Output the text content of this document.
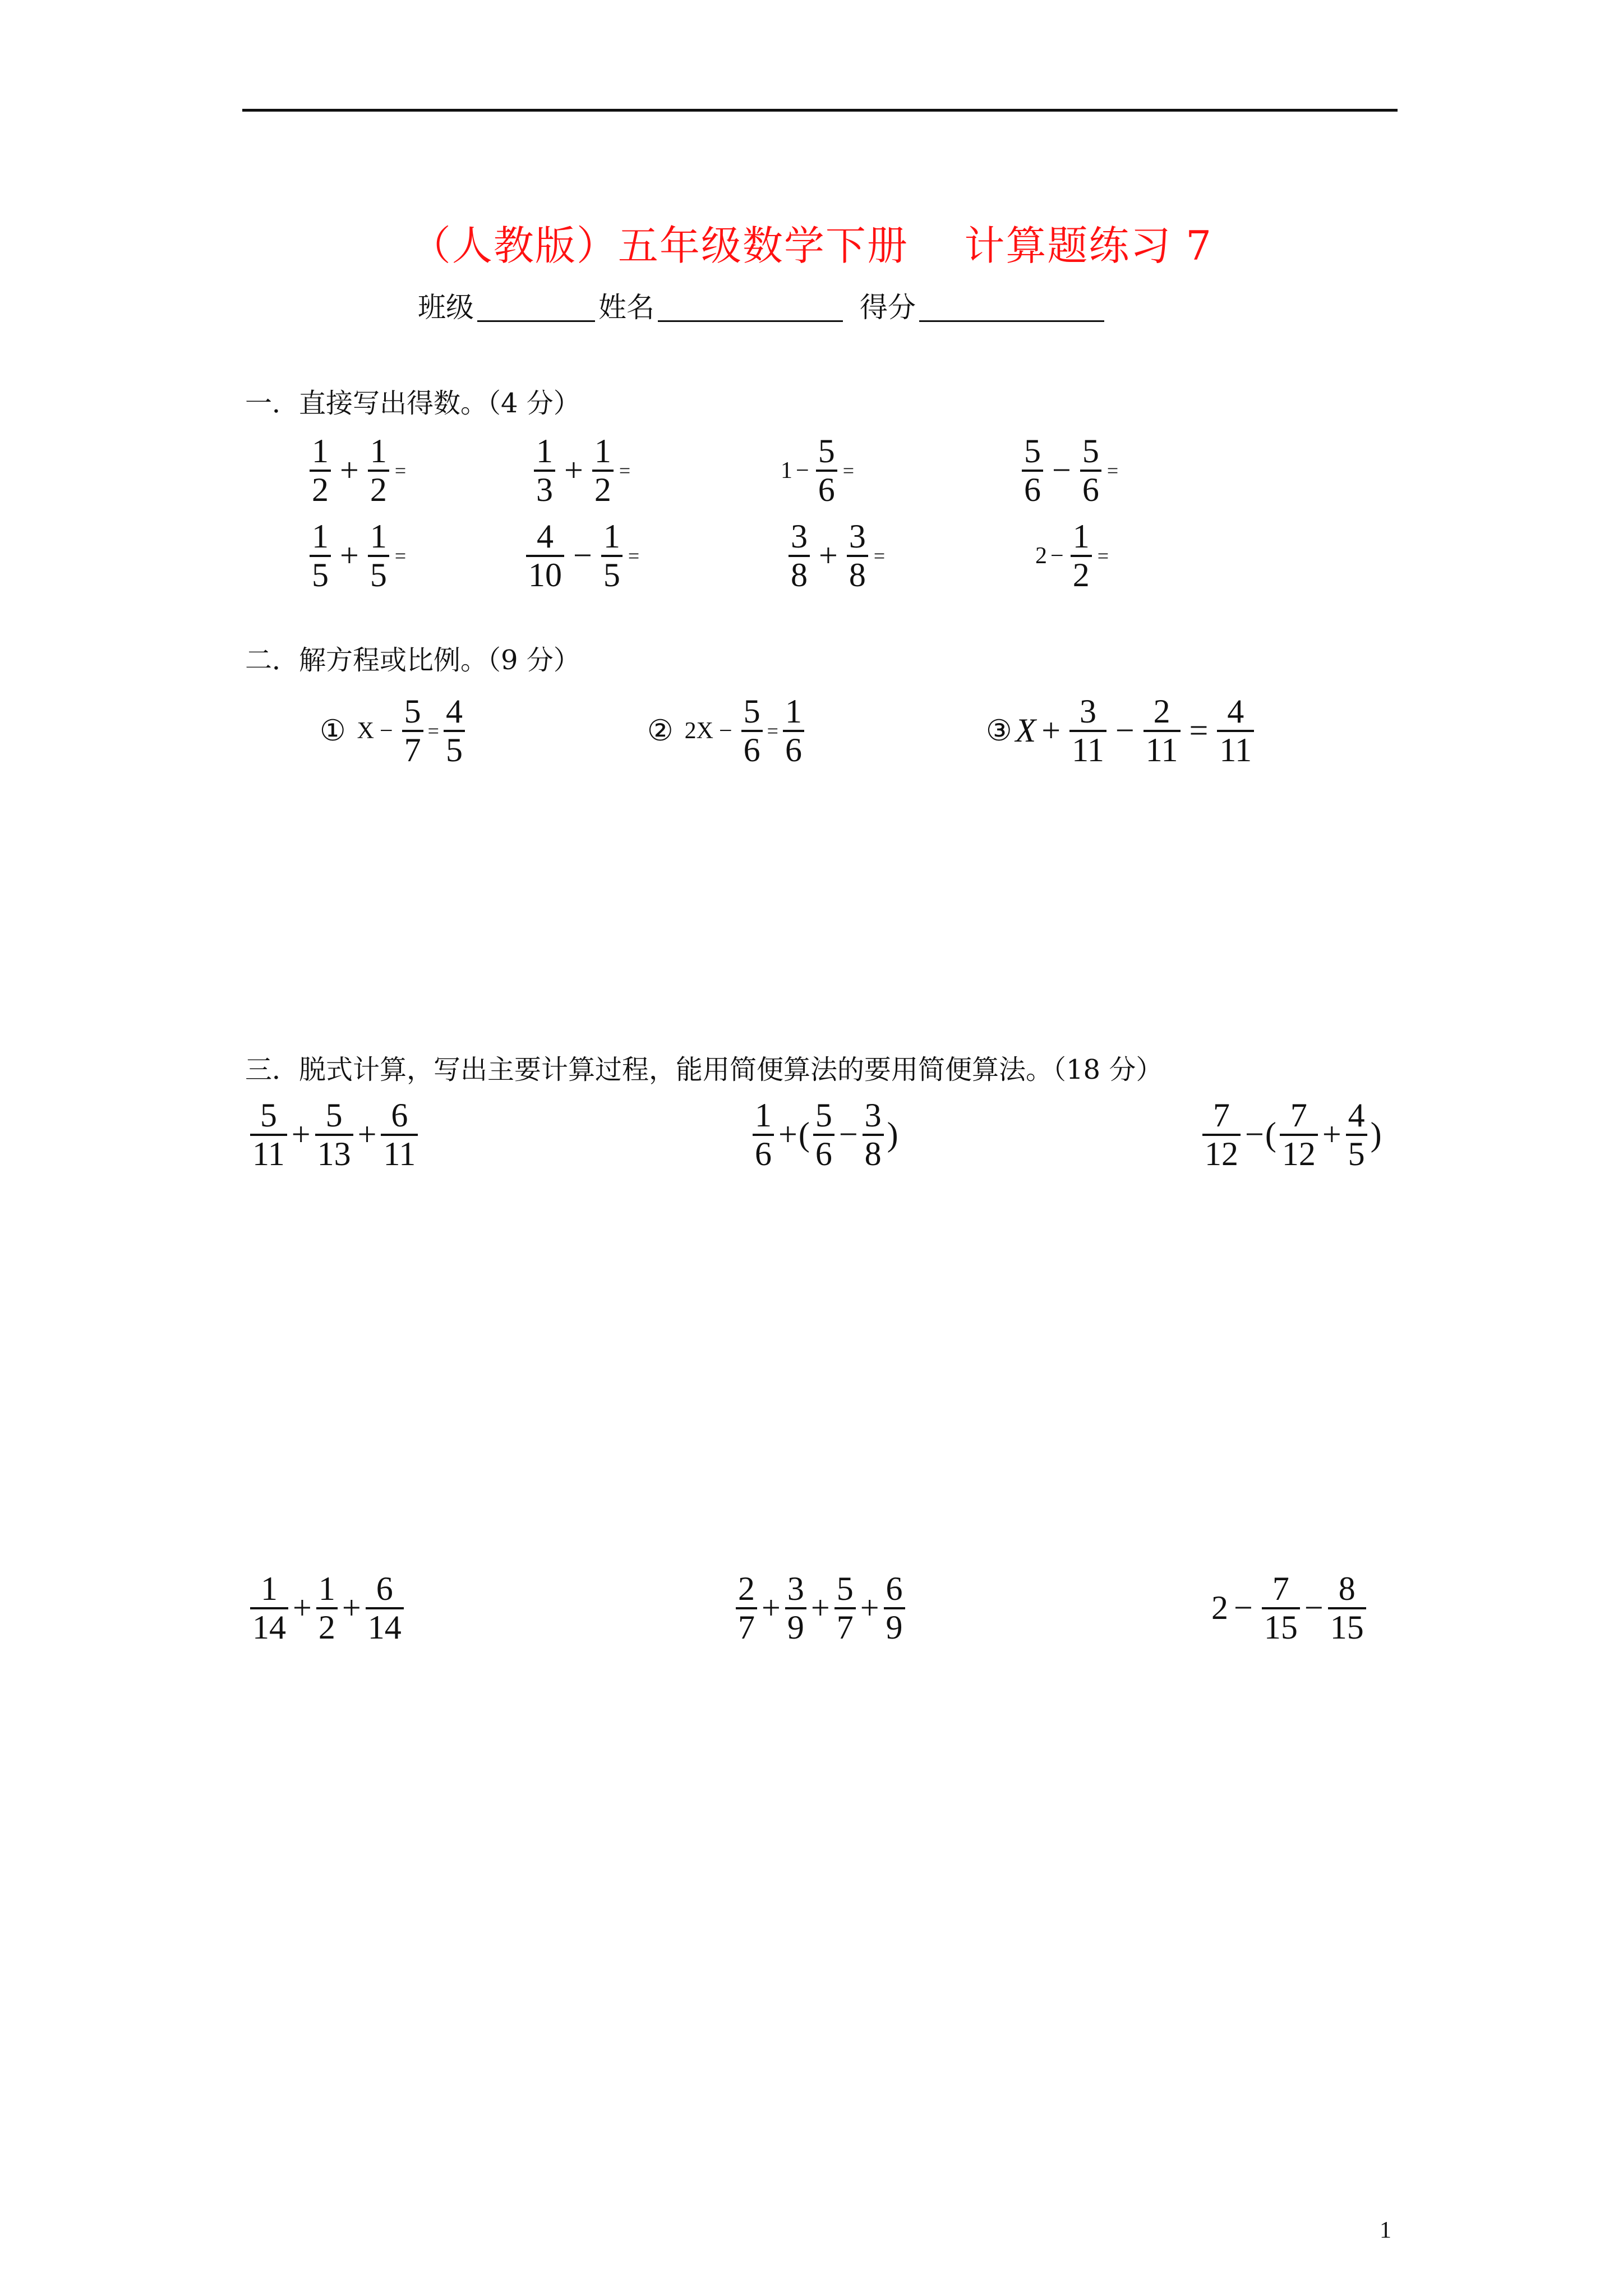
（人教版）五年级数学下册    计算题练习 7
班级	姓名	得分
一．直接写出得数。（4 分）
$\frac{1}{2} + \frac{1}{2}$ =	$\frac{1}{3} + \frac{1}{2}$ =	$1 - \frac{5}{6}$ =	$\frac{5}{6} - \frac{5}{6}$ =
$\frac{1}{5} + \frac{1}{5}$ =	$\frac{4}{10} - \frac{1}{5}$ =	$\frac{3}{8} + \frac{3}{8}$ =	$2 - \frac{1}{2}$ =
二．解方程或比例。（9 分）
① $X - \frac{5}{7} = \frac{4}{5}$	② 2 $X - \frac{5}{6} = \frac{1}{6}$	③ $X + \frac{3}{11} - \frac{2}{11} = \frac{4}{11}$
三．脱式计算，写出主要计算过程，能用简便算法的要用简便算法。（18 分）
$\frac{5}{11} + \frac{5}{13} + \frac{6}{11}$	$\frac{1}{6}$ + ( $\frac{5}{6} - \frac{3}{8}$ )	$\frac{7}{12}$ − ( $\frac{7}{12} + \frac{4}{5}$ )
$\frac{1}{14} + \frac{1}{2} + \frac{6}{14}$	$\frac{2}{7} + \frac{3}{9} + \frac{5}{7} + \frac{6}{9}$	$2 - \frac{7}{15} - \frac{8}{15}$
1
